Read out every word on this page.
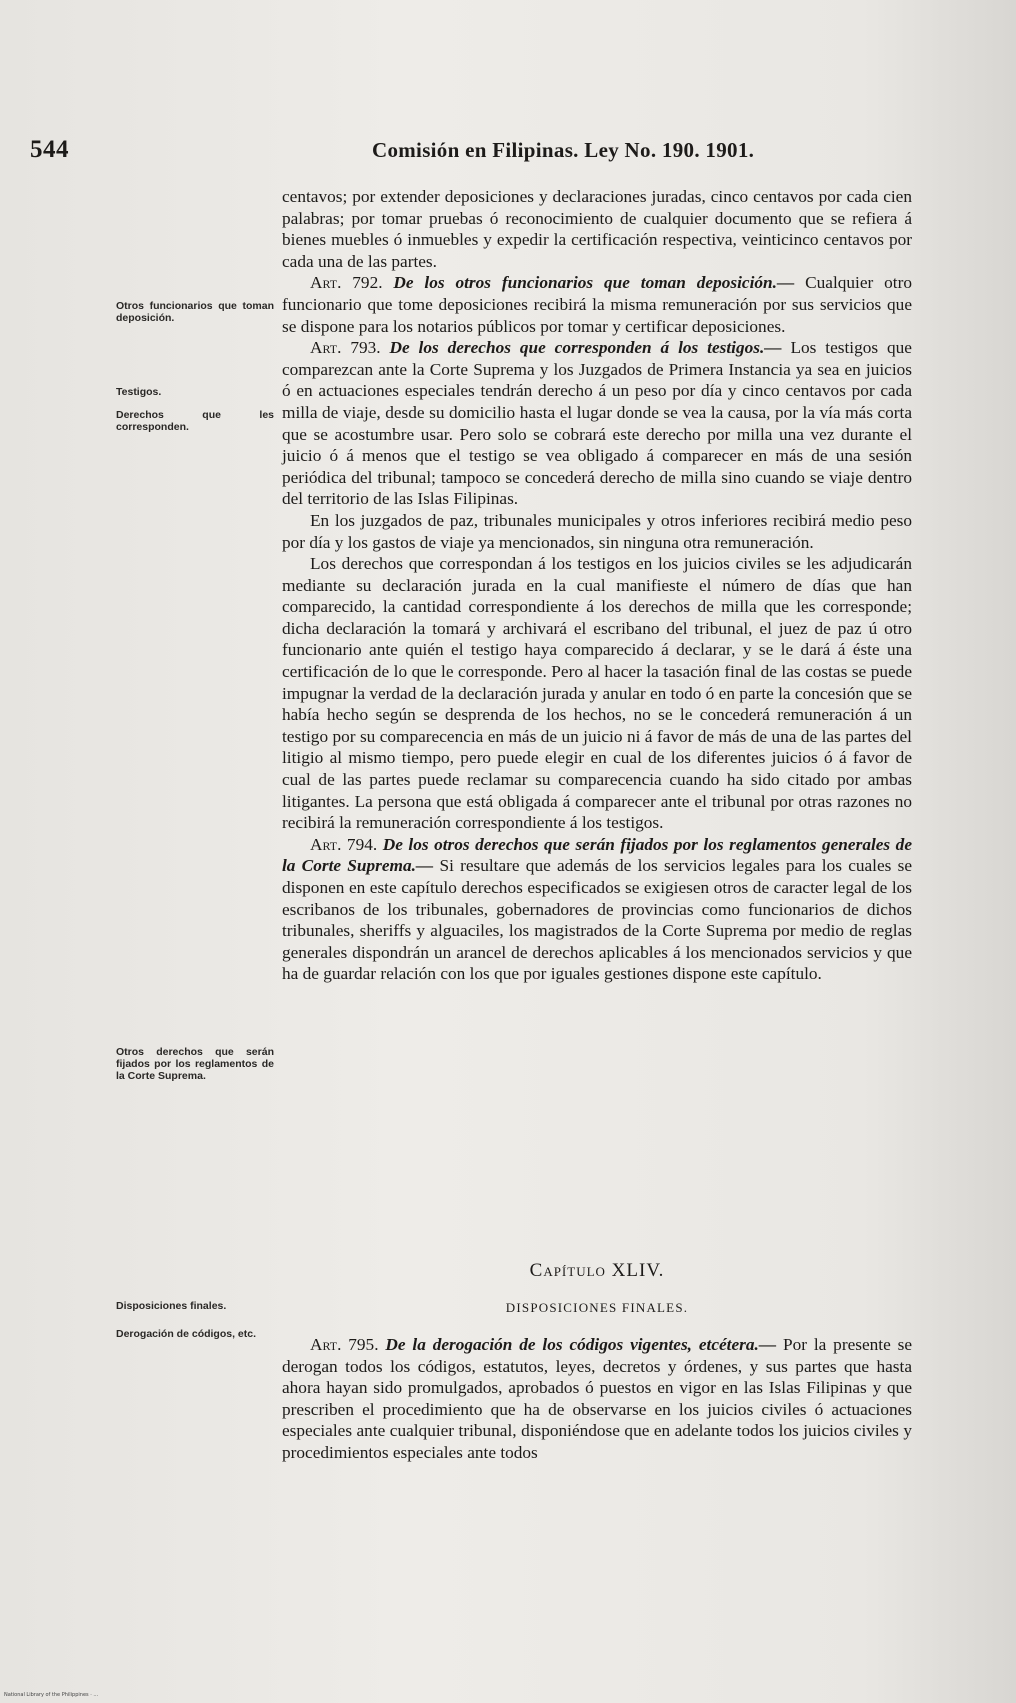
544	Comisión en Filipinas. Ley No. 190. 1901.
Otros funcionarios que toman deposición.
Testigos.
Derechos que les corresponden.
Otros derechos que serán fijados por los reglamentos de la Corte Suprema.
Disposiciones finales.
Derogación de códigos, etc.

centavos; por extender deposiciones y declaraciones juradas, cinco centavos por cada cien palabras; por tomar pruebas ó reconocimiento de cualquier documento que se refiera á bienes muebles ó inmuebles y expedir la certificación respectiva, veinticinco centavos por cada una de las partes.

Art. 792. De los otros funcionarios que toman deposición.— Cualquier otro funcionario que tome deposiciones recibirá la misma remuneración por sus servicios que se dispone para los notarios públicos por tomar y certificar deposiciones.

Art. 793. De los derechos que corresponden á los testigos.— Los testigos que comparezcan ante la Corte Suprema y los Juzgados de Primera Instancia ya sea en juicios ó en actuaciones especiales tendrán derecho á un peso por día y cinco centavos por cada milla de viaje, desde su domicilio hasta el lugar donde se vea la causa, por la vía más corta que se acostumbre usar. Pero solo se cobrará este derecho por milla una vez durante el juicio ó á menos que el testigo se vea obligado á comparecer en más de una sesión periódica del tribunal; tampoco se concederá derecho de milla sino cuando se viaje dentro del territorio de las Islas Filipinas.

En los juzgados de paz, tribunales municipales y otros inferiores recibirá medio peso por día y los gastos de viaje ya mencionados, sin ninguna otra remuneración.

Los derechos que correspondan á los testigos en los juicios civiles se les adjudicarán mediante su declaración jurada en la cual manifieste el número de días que han comparecido, la cantidad correspondiente á los derechos de milla que les corresponde; dicha declaración la tomará y archivará el escribano del tribunal, el juez de paz ú otro funcionario ante quién el testigo haya comparecido á declarar, y se le dará á éste una certificación de lo que le corresponde. Pero al hacer la tasación final de las costas se puede impugnar la verdad de la declaración jurada y anular en todo ó en parte la concesión que se había hecho según se desprenda de los hechos, no se le concederá remuneración á un testigo por su comparecencia en más de un juicio ni á favor de más de una de las partes del litigio al mismo tiempo, pero puede elegir en cual de los diferentes juicios ó á favor de cual de las partes puede reclamar su comparecencia cuando ha sido citado por ambas litigantes. La persona que está obligada á comparecer ante el tribunal por otras razones no recibirá la remuneración correspondiente á los testigos.

Art. 794. De los otros derechos que serán fijados por los reglamentos generales de la Corte Suprema.— Si resultare que además de los servicios legales para los cuales se disponen en este capítulo derechos especificados se exigiesen otros de caracter legal de los escribanos de los tribunales, gobernadores de provincias como funcionarios de dichos tribunales, sheriffs y alguaciles, los magistrados de la Corte Suprema por medio de reglas generales dispondrán un arancel de derechos aplicables á los mencionados servicios y que ha de guardar relación con los que por iguales gestiones dispone este capítulo.

Capítulo XLIV.
DISPOSICIONES FINALES.

Art. 795. De la derogación de los códigos vigentes, etcétera.— Por la presente se derogan todos los códigos, estatutos, leyes, decretos y órdenes, y sus partes que hasta ahora hayan sido promulgados, aprobados ó puestos en vigor en las Islas Filipinas y que prescriben el procedimiento que ha de observarse en los juicios civiles ó actuaciones especiales ante cualquier tribunal, disponiéndose que en adelante todos los juicios civiles y procedimientos especiales ante todos

National Library of the Philippines · ...
